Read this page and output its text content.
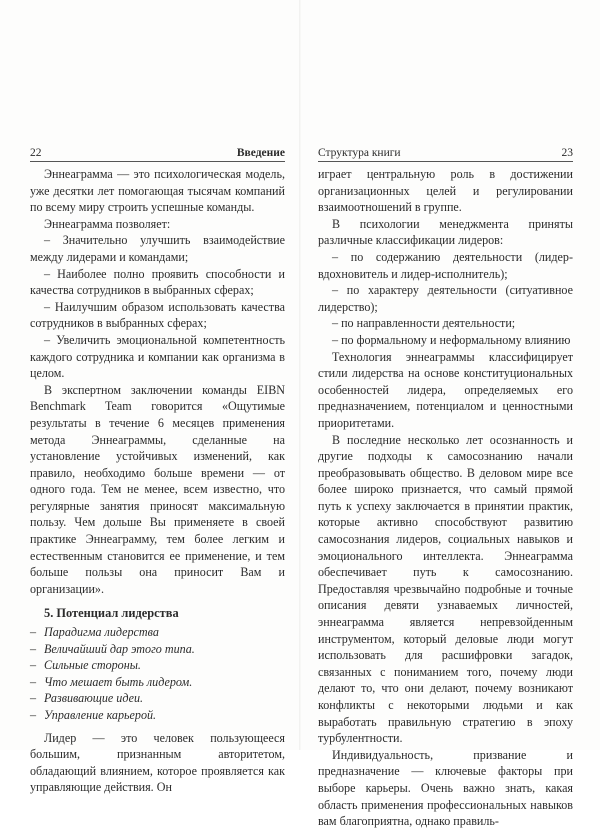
22	Введение

Эннеаграмма — это психологическая модель, уже десятки лет помогающая тысячам компаний по всему миру строить успешные команды.

Эннеаграмма позволяет:

– Значительно улучшить взаимодействие между лидерами и командами;

– Наиболее полно проявить способности и качества сотрудников в выбранных сферах;

– Наилучшим образом использовать качества сотрудников в выбранных сферах;

– Увеличить эмоциональной компетентность каждого сотрудника и компании как организма в целом.

В экспертном заключении команды EIBN Benchmark Team говорится «Ощутимые результаты в течение 6 месяцев применения метода Эннеаграммы, сделанные на установление устойчивых изменений, как правило, необходимо больше времени — от одного года. Тем не менее, всем известно, что регулярные занятия приносят максимальную пользу. Чем дольше Вы применяете в своей практике Эннеаграмму, тем более легким и естественным становится ее применение, и тем больше пользы она приносит Вам и организации».

5. Потенциал лидерства

– Парадигма лидерства

– Величайший дар этого типа.

– Сильные стороны.

– Что мешает быть лидером.

– Развивающие идеи.

– Управление карьерой.

Лидер — это человек пользующееся большим, признанным авторитетом, обладающий влиянием, которое проявляется как управляющие действия. Он

Структура книги	23

играет центральную роль в достижении организационных целей и регулировании взаимоотношений в группе.

В психологии менеджмента приняты различные классификации лидеров:

– по содержанию деятельности (лидер-вдохновитель и лидер-исполнитель);

– по характеру деятельности (ситуативное лидерство);

– по направленности деятельности;

– по формальному и неформальному влиянию

Технология эннеаграммы классифицирует стили лидерства на основе конституциональных особенностей лидера, определяемых его предназначением, потенциалом и ценностными приоритетами.

В последние несколько лет осознанность и другие подходы к самосознанию начали преобразовывать общество. В деловом мире все более широко признается, что самый прямой путь к успеху заключается в принятии практик, которые активно способствуют развитию самосознания лидеров, социальных навыков и эмоционального интеллекта. Эннеаграмма обеспечивает путь к самосознанию. Предоставляя чрезвычайно подробные и точные описания девяти узнаваемых личностей, эннеаграмма является непревзойденным инструментом, который деловые люди могут использовать для расшифровки загадок, связанных с пониманием того, почему люди делают то, что они делают, почему возникают конфликты с некоторыми людьми и как выработать правильную стратегию в эпоху турбулентности.

Индивидуальность, призвание и предназначение — ключевые факторы при выборе карьеры. Очень важно знать, какая область применения профессиональных навыков вам благоприятна, однако правиль-
